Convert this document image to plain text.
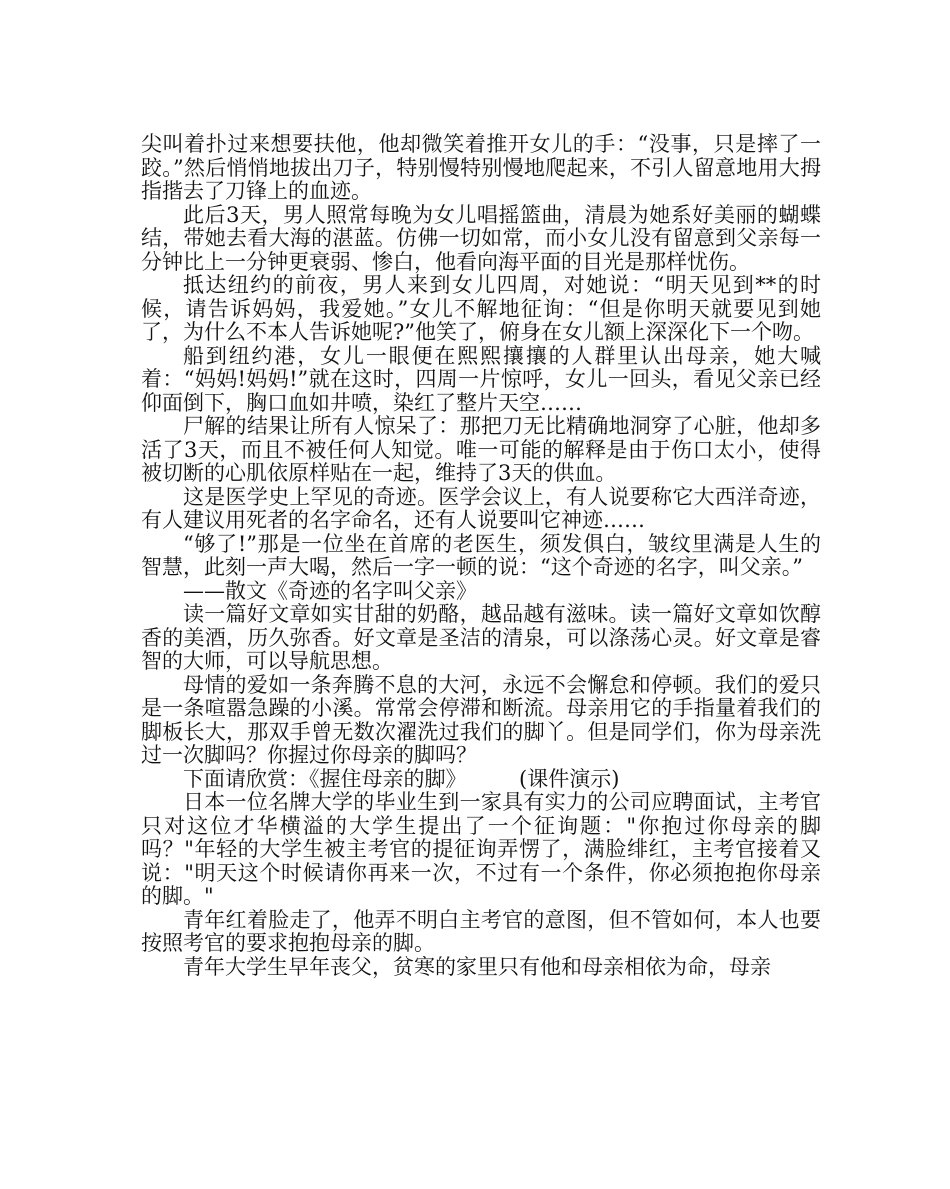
尖叫着扑过来想要扶他，他却微笑着推开女儿的手：“没事，只是摔了一跤。”然后悄悄地拔出刀子，特别慢特别慢地爬起来，不引人留意地用大拇指揩去了刀锋上的血迹。

此后3天，男人照常每晚为女儿唱摇篮曲，清晨为她系好美丽的蝴蝶结，带她去看大海的湛蓝。仿佛一切如常，而小女儿没有留意到父亲每一分钟比上一分钟更衰弱、惨白，他看向海平面的目光是那样忧伤。

抵达纽约的前夜，男人来到女儿四周，对她说：“明天见到**的时候，请告诉妈妈，我爱她。”女儿不解地征询：“但是你明天就要见到她了，为什么不本人告诉她呢?”他笑了，俯身在女儿额上深深化下一个吻。

船到纽约港，女儿一眼便在熙熙攘攘的人群里认出母亲，她大喊着：“妈妈!妈妈!”就在这时，四周一片惊呼，女儿一回头，看见父亲已经仰面倒下，胸口血如井喷，染红了整片天空……

尸解的结果让所有人惊呆了：那把刀无比精确地洞穿了心脏，他却多活了3天，而且不被任何人知觉。唯一可能的解释是由于伤口太小，使得被切断的心肌依原样贴在一起，维持了3天的供血。

这是医学史上罕见的奇迹。医学会议上，有人说要称它大西洋奇迹，有人建议用死者的名字命名，还有人说要叫它神迹……

“够了!”那是一位坐在首席的老医生，须发俱白，皱纹里满是人生的智慧，此刻一声大喝，然后一字一顿的说：“这个奇迹的名字，叫父亲。”

——散文《奇迹的名字叫父亲》

读一篇好文章如实甘甜的奶酪，越品越有滋味。读一篇好文章如饮醇香的美酒，历久弥香。好文章是圣洁的清泉，可以涤荡心灵。好文章是睿智的大师，可以导航思想。

母情的爱如一条奔腾不息的大河，永远不会懈怠和停顿。我们的爱只是一条喧嚣急躁的小溪。常常会停滞和断流。母亲用它的手指量着我们的脚板长大，那双手曾无数次濯洗过我们的脚丫。但是同学们，你为母亲洗过一次脚吗？你握过你母亲的脚吗？

下面请欣赏：《握住母亲的脚》　　　(课件演示)

日本一位名牌大学的毕业生到一家具有实力的公司应聘面试，主考官只对这位才华横溢的大学生提出了一个征询题："你抱过你母亲的脚吗？"年轻的大学生被主考官的提征询弄愣了，满脸绯红，主考官接着又说："明天这个时候请你再来一次，不过有一个条件，你必须抱抱你母亲的脚。"

青年红着脸走了，他弄不明白主考官的意图，但不管如何，本人也要按照考官的要求抱抱母亲的脚。

青年大学生早年丧父，贫寒的家里只有他和母亲相依为命，母亲
